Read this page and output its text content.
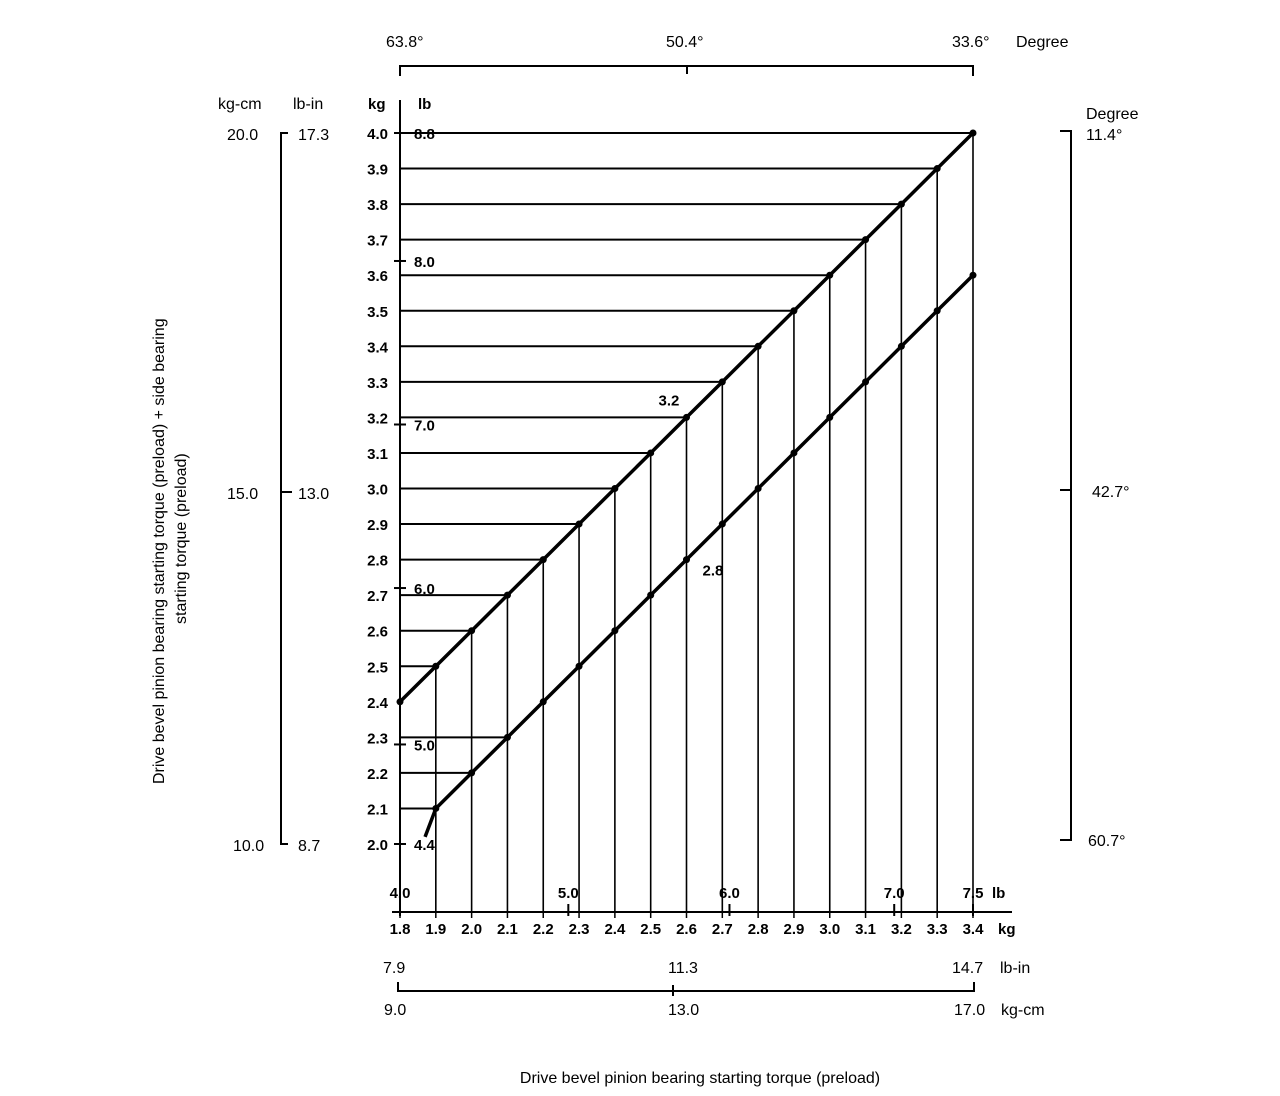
2.0
2.1
2.2
2.3
2.4
2.5
2.6
2.7
2.8
2.9
3.0
3.1
3.2
3.3
3.4
3.5
3.6
3.7
3.8
3.9
4.0
4.4
5.0
6.0
7.0
8.0
8.8
kg lb
kg-cm lb-in
20.0 17.3
15.0 13.0
10.0 8.7
Drive bevel pinion bearing starting torque (preload) + side bearing starting torque (preload)
63.8°	50.4°	33.6° Degree
Degree
11.4°
42.7°
60.7°
1.8 1.9 2.0 2.1 2.2 2.3 2.4 2.5 2.6 2.7 2.8 2.9 3.0 3.1 3.2 3.3 3.4
4.0	5.0	6.0	7.0	7.5
kg
lb
7.9	11.3	14.7 lb-in
9.0	13.0	17.0 kg-cm
Drive bevel pinion bearing starting torque (preload)
3.2
2.8
